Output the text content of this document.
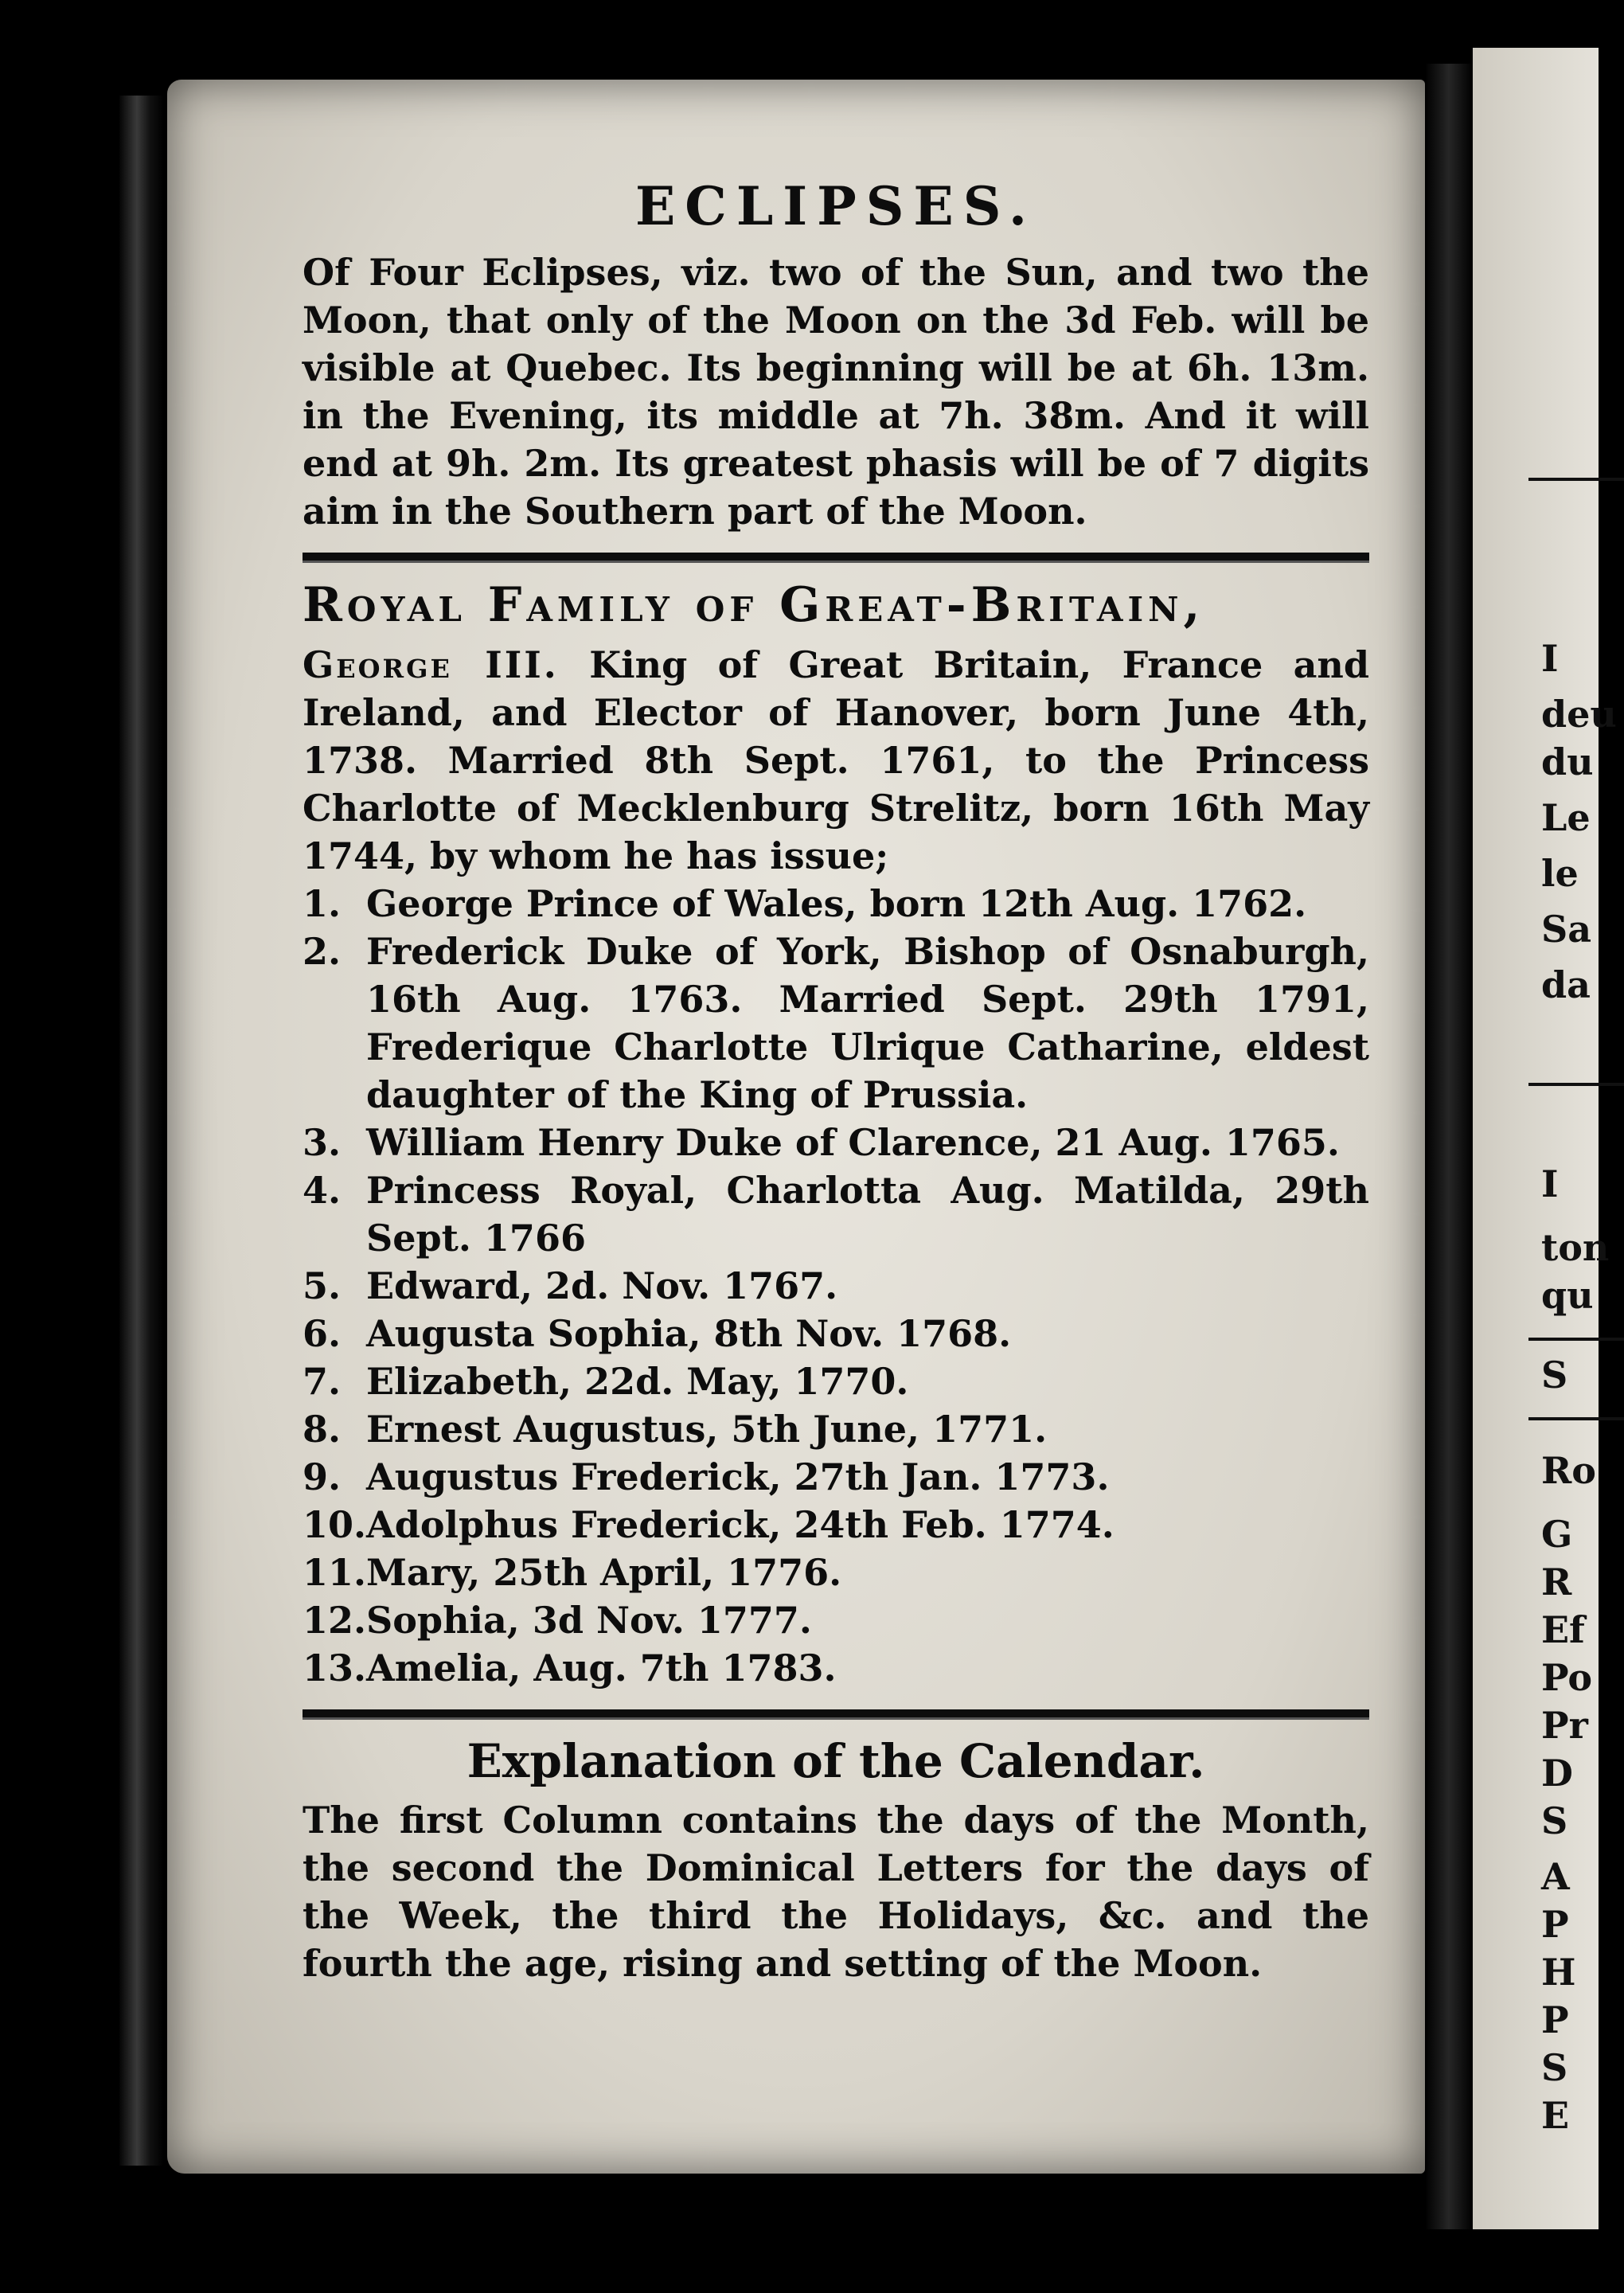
ECLIPSES.

Of Four Eclipses, viz. two of the Sun, and two the Moon, that only of the Moon on the 3d Feb. will be visible at Quebec. Its beginning will be at 6h. 13m. in the Evening, its middle at 7h. 38m. And it will end at 9h. 2m. Its greatest phasis will be of 7 digits aim in the Southern part of the Moon.

Royal Family of Great-Britain,

George III. King of Great Britain, France and Ireland, and Elector of Hanover, born June 4th, 1738. Married 8th Sept. 1761, to the Princess Charlotte of Mecklenburg Strelitz, born 16th May 1744, by whom he has issue;

1. George Prince of Wales, born 12th Aug. 1762.
2. Frederick Duke of York, Bishop of Osnaburgh, 16th Aug. 1763. Married Sept. 29th 1791, Frederique Charlotte Ulrique Catharine, eldest daughter of the King of Prussia.
3. William Henry Duke of Clarence, 21 Aug. 1765.
4. Princess Royal, Charlotta Aug. Matilda, 29th Sept. 1766
5. Edward, 2d. Nov. 1767.
6. Augusta Sophia, 8th Nov. 1768.
7. Elizabeth, 22d. May, 1770.
8. Ernest Augustus, 5th June, 1771.
9. Augustus Frederick, 27th Jan. 1773.
10. Adolphus Frederick, 24th Feb. 1774.
11. Mary, 25th April, 1776.
12. Sophia, 3d Nov. 1777.
13. Amelia, Aug. 7th 1783.
Explanation of the Calendar.

The first Column contains the days of the Month, the second the Dominical Letters for the days of the Week, the third the Holidays, &c. and the fourth the age, rising and setting of the Moon.

I
deu
du
Le
le
Sa
da
I
ton
qu
S
Ro
G
R
Ef
Po
Pr
D
S
A
P
H
P
S
E
